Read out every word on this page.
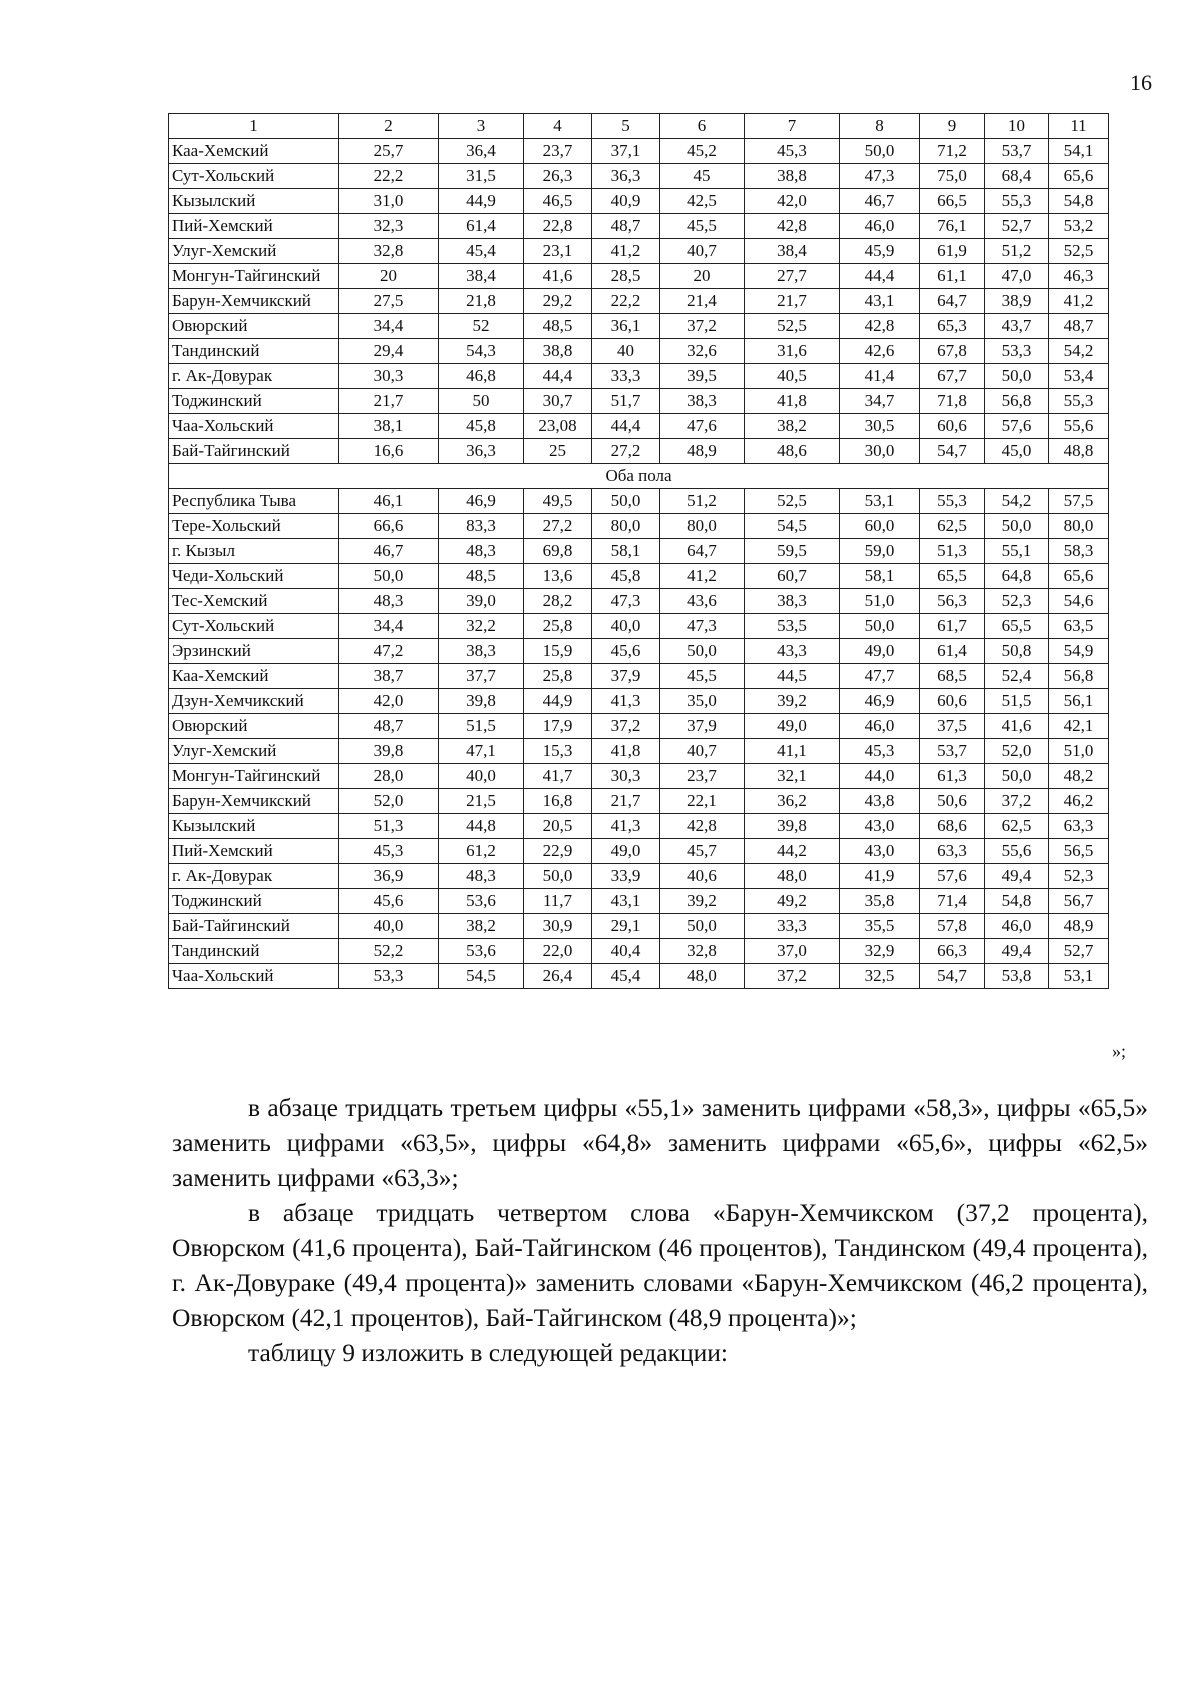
16
1	2	3	4	5	6	7	8	9	10	11
Каа-Хемский	25,7	36,4	23,7	37,1	45,2	45,3	50,0	71,2	53,7	54,1
Сут-Хольский	22,2	31,5	26,3	36,3	45	38,8	47,3	75,0	68,4	65,6
Кызылский	31,0	44,9	46,5	40,9	42,5	42,0	46,7	66,5	55,3	54,8
Пий-Хемский	32,3	61,4	22,8	48,7	45,5	42,8	46,0	76,1	52,7	53,2
Улуг-Хемский	32,8	45,4	23,1	41,2	40,7	38,4	45,9	61,9	51,2	52,5
Монгун-Тайгинский	20	38,4	41,6	28,5	20	27,7	44,4	61,1	47,0	46,3
Барун-Хемчикский	27,5	21,8	29,2	22,2	21,4	21,7	43,1	64,7	38,9	41,2
Овюрский	34,4	52	48,5	36,1	37,2	52,5	42,8	65,3	43,7	48,7
Тандинский	29,4	54,3	38,8	40	32,6	31,6	42,6	67,8	53,3	54,2
г. Ак-Довурак	30,3	46,8	44,4	33,3	39,5	40,5	41,4	67,7	50,0	53,4
Тоджинский	21,7	50	30,7	51,7	38,3	41,8	34,7	71,8	56,8	55,3
Чаа-Хольский	38,1	45,8	23,08	44,4	47,6	38,2	30,5	60,6	57,6	55,6
Бай-Тайгинский	16,6	36,3	25	27,2	48,9	48,6	30,0	54,7	45,0	48,8
Оба пола										
Республика Тыва	46,1	46,9	49,5	50,0	51,2	52,5	53,1	55,3	54,2	57,5
Тере-Хольский	66,6	83,3	27,2	80,0	80,0	54,5	60,0	62,5	50,0	80,0
г. Кызыл	46,7	48,3	69,8	58,1	64,7	59,5	59,0	51,3	55,1	58,3
Чеди-Хольский	50,0	48,5	13,6	45,8	41,2	60,7	58,1	65,5	64,8	65,6
Тес-Хемский	48,3	39,0	28,2	47,3	43,6	38,3	51,0	56,3	52,3	54,6
Сут-Хольский	34,4	32,2	25,8	40,0	47,3	53,5	50,0	61,7	65,5	63,5
Эрзинский	47,2	38,3	15,9	45,6	50,0	43,3	49,0	61,4	50,8	54,9
Каа-Хемский	38,7	37,7	25,8	37,9	45,5	44,5	47,7	68,5	52,4	56,8
Дзун-Хемчикский	42,0	39,8	44,9	41,3	35,0	39,2	46,9	60,6	51,5	56,1
Овюрский	48,7	51,5	17,9	37,2	37,9	49,0	46,0	37,5	41,6	42,1
Улуг-Хемский	39,8	47,1	15,3	41,8	40,7	41,1	45,3	53,7	52,0	51,0
Монгун-Тайгинский	28,0	40,0	41,7	30,3	23,7	32,1	44,0	61,3	50,0	48,2
Барун-Хемчикский	52,0	21,5	16,8	21,7	22,1	36,2	43,8	50,6	37,2	46,2
Кызылский	51,3	44,8	20,5	41,3	42,8	39,8	43,0	68,6	62,5	63,3
Пий-Хемский	45,3	61,2	22,9	49,0	45,7	44,2	43,0	63,3	55,6	56,5
г. Ак-Довурак	36,9	48,3	50,0	33,9	40,6	48,0	41,9	57,6	49,4	52,3
Тоджинский	45,6	53,6	11,7	43,1	39,2	49,2	35,8	71,4	54,8	56,7
Бай-Тайгинский	40,0	38,2	30,9	29,1	50,0	33,3	35,5	57,8	46,0	48,9
Тандинский	52,2	53,6	22,0	40,4	32,8	37,0	32,9	66,3	49,4	52,7
Чаа-Хольский	53,3	54,5	26,4	45,4	48,0	37,2	32,5	54,7	53,8	53,1
»;

в абзаце тридцать третьем цифры «55,1» заменить цифрами «58,3», цифры «65,5» заменить цифрами «63,5», цифры «64,8» заменить цифрами «65,6», цифры «62,5» заменить цифрами «63,3»;

в абзаце тридцать четвертом слова «Барун-Хемчикском (37,2 процента), Овюрском (41,6 процента), Бай-Тайгинском (46 процентов), Тандинском (49,4 процента), г. Ак-Довураке (49,4 процента)» заменить словами «Барун-Хемчикском (46,2 процента), Овюрском (42,1 процентов), Бай-Тайгинском (48,9 процента)»;

таблицу 9 изложить в следующей редакции:
